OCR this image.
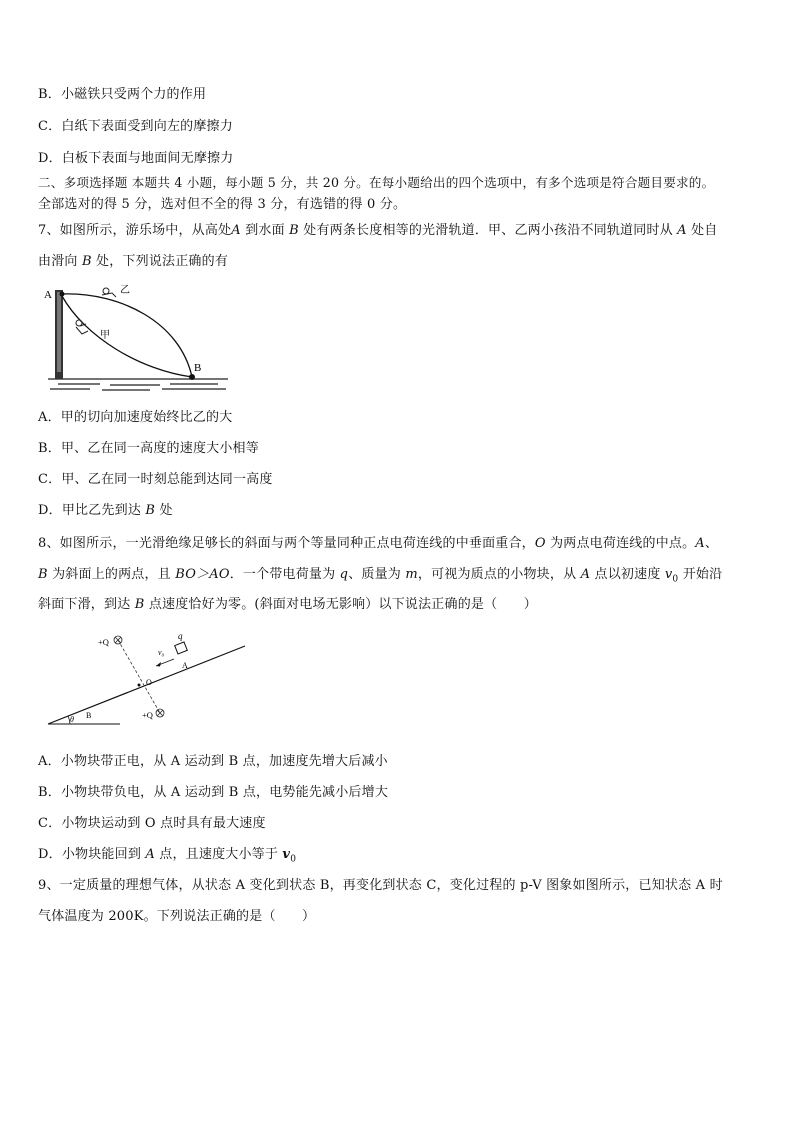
B．小磁铁只受两个力的作用
C．白纸下表面受到向左的摩擦力
D．白板下表面与地面间无摩擦力
二、多项选择题 本题共 4 小题，每小题 5 分，共 20 分。在每小题给出的四个选项中，有多个选项是符合题目要求的。
全部选对的得 5 分，选对但不全的得 3 分，有选错的得 0 分。
7、如图所示，游乐场中，从高处A 到水面 B 处有两条长度相等的光滑轨道．甲、乙两小孩沿不同轨道同时从 A 处自
由滑向 B 处，下列说法正确的有
A
B
甲
乙
A．甲的切向加速度始终比乙的大
B．甲、乙在同一高度的速度大小相等
C．甲、乙在同一时刻总能到达同一高度
D．甲比乙先到达 B 处
8、如图所示，一光滑绝缘足够长的斜面与两个等量同种正点电荷连线的中垂面重合，O 为两点电荷连线的中点。A、
B 为斜面上的两点，且 BO＞AO．一个带电荷量为 q、质量为 m，可视为质点的小物块，从 A 点以初速度 $v_0$ 开始沿
斜面下滑，到达 B 点速度恰好为零。(斜面对电场无影响）以下说法正确的是（　　）
+Q
+Q
q
v₀
A
O
B
θ
A．小物块带正电，从 A 运动到 B 点，加速度先增大后减小
B．小物块带负电，从 A 运动到 B 点，电势能先减小后增大
C．小物块运动到 O 点时具有最大速度
D．小物块能回到 A 点，且速度大小等于 $v_0$
9、一定质量的理想气体，从状态 A 变化到状态 B，再变化到状态 C，变化过程的 p-V 图象如图所示，已知状态 A 时
气体温度为 200K。下列说法正确的是（　　）
